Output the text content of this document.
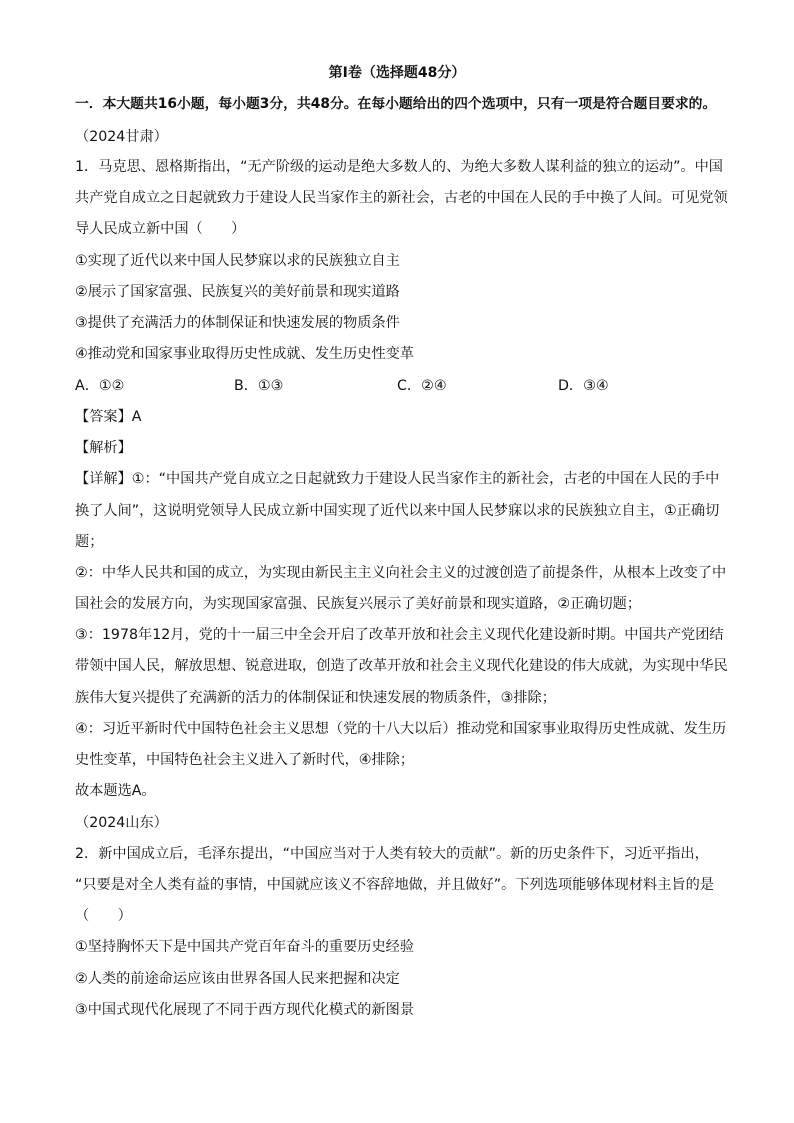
第Ⅰ卷（选择题48分）
一．本大题共16小题，每小题3分，共48分。在每小题给出的四个选项中，只有一项是符合题目要求的。
（2024甘肃）
1．马克思、恩格斯指出，“无产阶级的运动是绝大多数人的、为绝大多数人谋利益的独立的运动”。中国
共产党自成立之日起就致力于建设人民当家作主的新社会，古老的中国在人民的手中换了人间。可见党领
导人民成立新中国（　　）
①实现了近代以来中国人民梦寐以求的民族独立自主
②展示了国家富强、民族复兴的美好前景和现实道路
③提供了充满活力的体制保证和快速发展的物质条件
④推动党和国家事业取得历史性成就、发生历史性变革
A．①②	B．①③	C．②④	D．③④
【答案】A
【解析】
【详解】①：“中国共产党自成立之日起就致力于建设人民当家作主的新社会，古老的中国在人民的手中
换了人间”，这说明党领导人民成立新中国实现了近代以来中国人民梦寐以求的民族独立自主，①正确切
题；
②：中华人民共和国的成立，为实现由新民主主义向社会主义的过渡创造了前提条件，从根本上改变了中
国社会的发展方向，为实现国家富强、民族复兴展示了美好前景和现实道路，②正确切题；
③：1978年12月，党的十一届三中全会开启了改革开放和社会主义现代化建设新时期。中国共产党团结
带领中国人民，解放思想、锐意进取，创造了改革开放和社会主义现代化建设的伟大成就，为实现中华民
族伟大复兴提供了充满新的活力的体制保证和快速发展的物质条件，③排除；
④：习近平新时代中国特色社会主义思想（党的十八大以后）推动党和国家事业取得历史性成就、发生历
史性变革，中国特色社会主义进入了新时代，④排除；
故本题选A。
（2024山东）
2．新中国成立后，毛泽东提出，“中国应当对于人类有较大的贡献”。新的历史条件下，习近平指出，
“只要是对全人类有益的事情，中国就应该义不容辞地做，并且做好”。下列选项能够体现材料主旨的是
（　　）
①坚持胸怀天下是中国共产党百年奋斗的重要历史经验
②人类的前途命运应该由世界各国人民来把握和决定
③中国式现代化展现了不同于西方现代化模式的新图景
